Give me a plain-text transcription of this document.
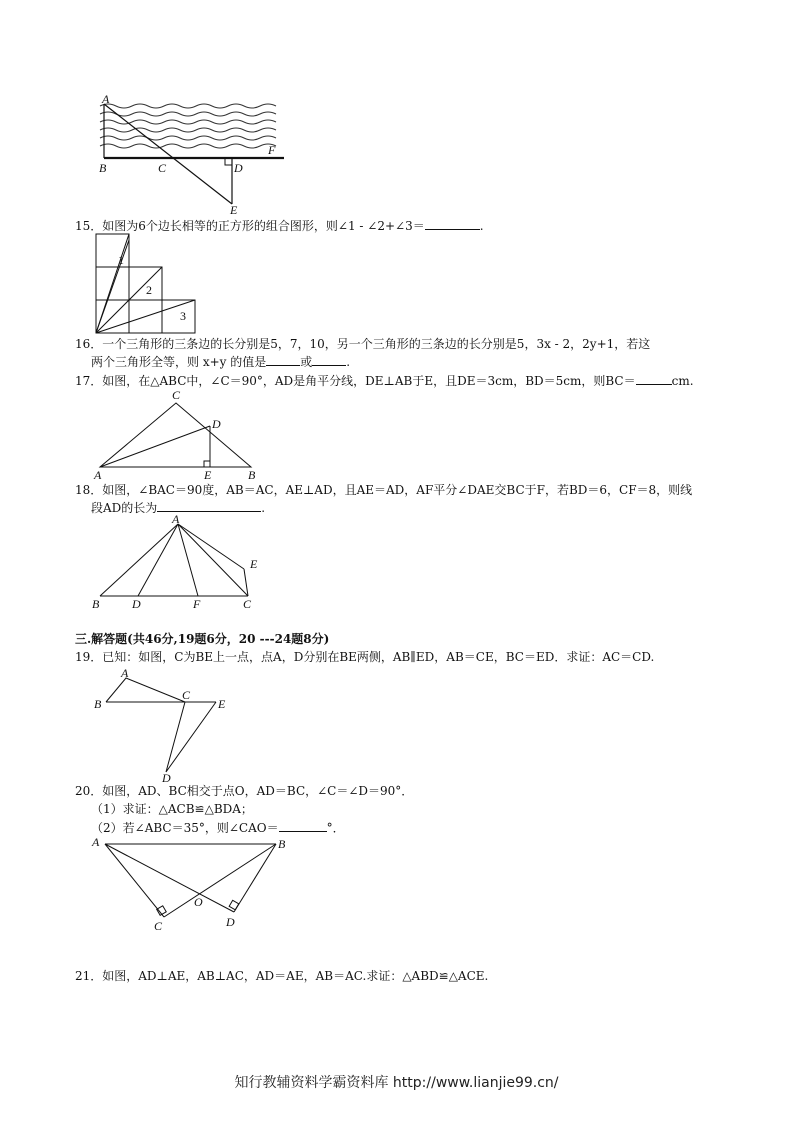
A
B	C	D
F
E
15．如图为6个边长相等的正方形的组合图形，则∠1 - ∠2+∠3＝	.
1
2
3
16．一个三角形的三条边的长分别是5，7，10，另一个三角形的三条边的长分别是5，3x - 2，2y+1，若这
两个三角形全等，则 x+y 的值是	或	.
17．如图，在△ABC中，∠C＝90°，AD是角平分线，DE⊥AB于E，且DE＝3cm，BD＝5cm，则BC＝	cm.
C
D
A	E	B
18．如图，∠BAC＝90度，AB＝AC，AE⊥AD，且AE＝AD，AF平分∠DAE交BC于F，若BD＝6，CF＝8，则线
段AD的长为	.
A
E
B	D	F	C
三.解答题(共46分,19题6分，20 ---24题8分)
19．已知：如图，C为BE上一点，点A，D分别在BE两侧，AB∥ED，AB＝CE，BC＝ED．求证：AC＝CD.
A
B
C
E
D
20．如图，AD、BC相交于点O，AD＝BC，∠C＝∠D＝90°．
（1）求证：△ACB≌△BDA；
（2）若∠ABC＝35°，则∠CAO＝	°．
A	B
O
C	D
21．如图，AD⊥AE，AB⊥AC，AD＝AE，AB＝AC.求证：△ABD≌△ACE.
知行教辅资料学霸资料库 http://www.lianjie99.cn/
